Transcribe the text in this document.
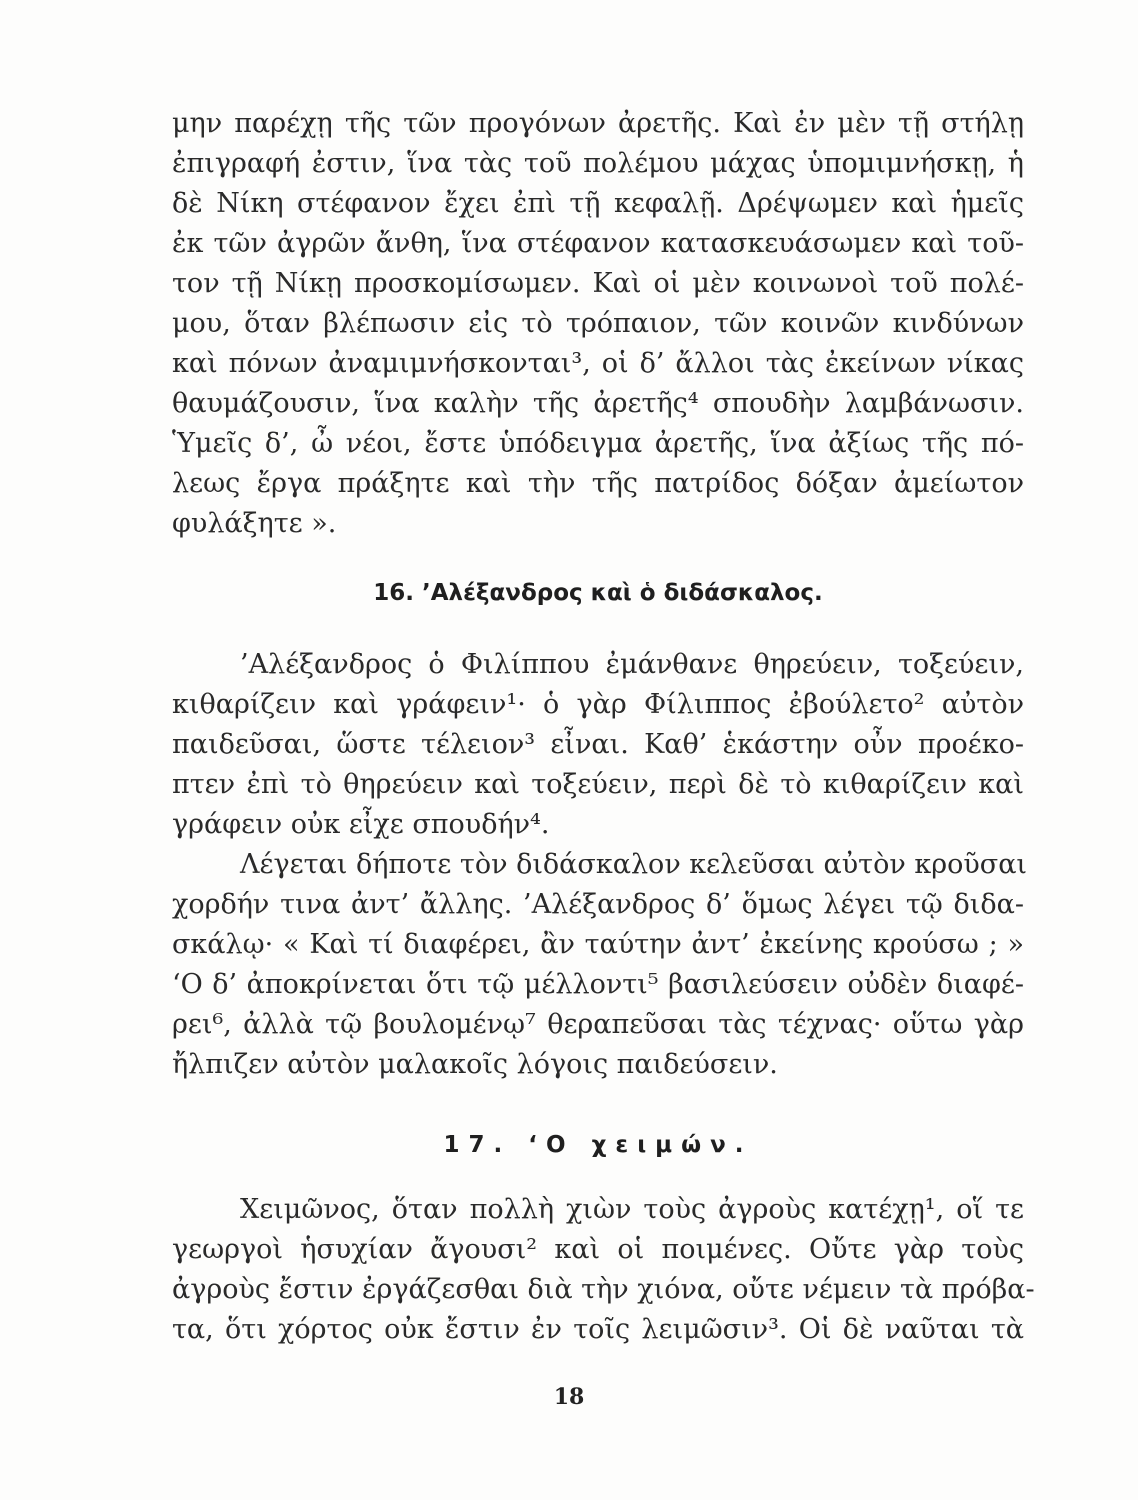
μην παρέχῃ τῆς τῶν προγόνων ἀρετῆς. Καὶ ἐν μὲν τῇ στήλῃ
ἐπιγραφή ἐστιν, ἵνα τὰς τοῦ πολέμου μάχας ὑπομιμνήσκῃ, ἡ
δὲ Νίκη στέφανον ἔχει ἐπὶ τῇ κεφαλῇ. Δρέψωμεν καὶ ἡμεῖς
ἐκ τῶν ἀγρῶν ἄνθη, ἵνα στέφανον κατασκευάσωμεν καὶ τοῦ-
τον τῇ Νίκῃ προσκομίσωμεν. Καὶ οἱ μὲν κοινωνοὶ τοῦ πολέ-
μου, ὅταν βλέπωσιν εἰς τὸ τρόπαιον, τῶν κοινῶν κινδύνων
καὶ πόνων ἀναμιμνήσκονται³, οἱ δ’ ἄλλοι τὰς ἐκείνων νίκας
θαυμάζουσιν, ἵνα καλὴν τῆς ἀρετῆς⁴ σπουδὴν λαμβάνωσιν.
Ὑμεῖς δ’, ὦ νέοι, ἔστε ὑπόδειγμα ἀρετῆς, ἵνα ἀξίως τῆς πό-
λεως ἔργα πράξητε καὶ τὴν τῆς πατρίδος δόξαν ἀμείωτον
φυλάξητε ».
16. ’Αλέξανδρος καὶ ὁ διδάσκαλος.
’Αλέξανδρος ὁ Φιλίππου ἐμάνθανε θηρεύειν, τοξεύειν,
κιθαρίζειν καὶ γράφειν¹· ὁ γὰρ Φίλιππος ἐβούλετο² αὐτὸν
παιδεῦσαι, ὥστε τέλειον³ εἶναι. Καθ’ ἑκάστην οὖν προέκο-
πτεν ἐπὶ τὸ θηρεύειν καὶ τοξεύειν, περὶ δὲ τὸ κιθαρίζειν καὶ
γράφειν οὐκ εἶχε σπουδήν⁴.
Λέγεται δήποτε τὸν διδάσκαλον κελεῦσαι αὐτὸν κροῦσαι
χορδήν τινα ἀντ’ ἄλλης. ’Αλέξανδρος δ’ ὅμως λέγει τῷ διδα-
σκάλῳ· « Καὶ τί διαφέρει, ἂν ταύτην ἀντ’ ἐκείνης κρούσω ; »
‘Ο δ’ ἀποκρίνεται ὅτι τῷ μέλλοντι⁵ βασιλεύσειν οὐδὲν διαφέ-
ρει⁶, ἀλλὰ τῷ βουλομένῳ⁷ θεραπεῦσαι τὰς τέχνας· οὕτω γὰρ
ἤλπιζεν αὐτὸν μαλακοῖς λόγοις παιδεύσειν.
17. ‘Ο χειμών.
Χειμῶνος, ὅταν πολλὴ χιὼν τοὺς ἀγροὺς κατέχῃ¹, οἵ τε
γεωργοὶ ἡσυχίαν ἄγουσι² καὶ οἱ ποιμένες. Οὔτε γὰρ τοὺς
ἀγροὺς ἔστιν ἐργάζεσθαι διὰ τὴν χιόνα, οὔτε νέμειν τὰ πρόβα-
τα, ὅτι χόρτος οὐκ ἔστιν ἐν τοῖς λειμῶσιν³. Οἱ δὲ ναῦται τὰ
18
